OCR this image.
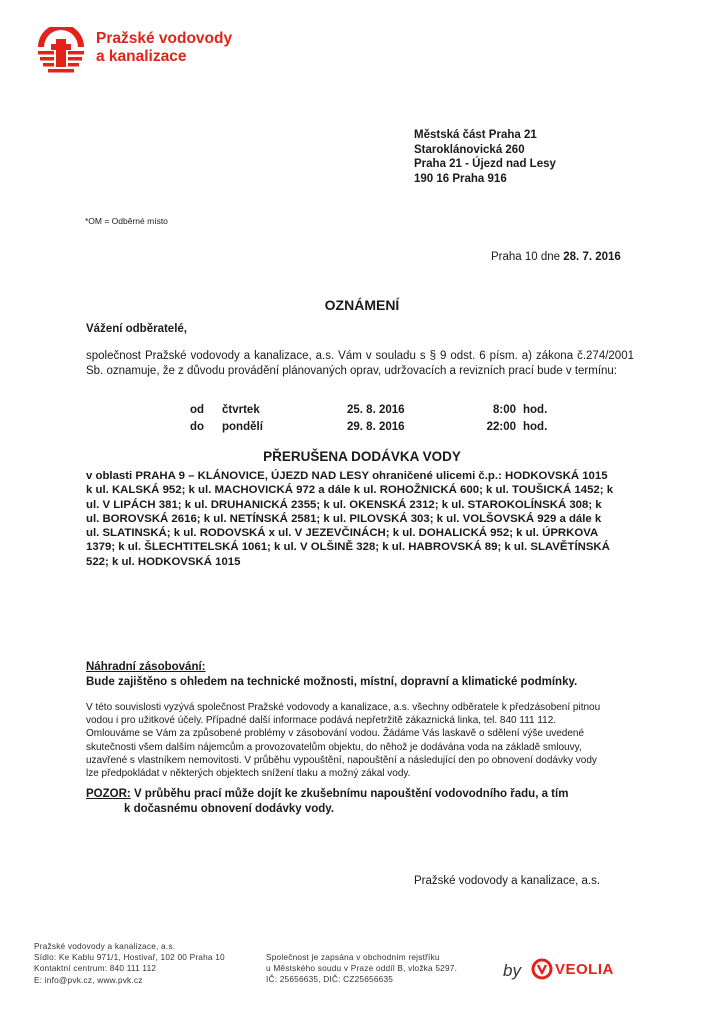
Pražské vodovody
a kanalizace
Městská část Praha 21
Staroklánovická 260
Praha 21 - Újezd nad Lesy
190 16 Praha 916
*OM = Odběrné místo
Praha 10 dne 28. 7. 2016
OZNÁMENÍ
Vážení odběratelé,
společnost Pražské vodovody a kanalizace, a.s. Vám v souladu s § 9 odst. 6 písm. a) zákona č.274/2001 Sb. oznamuje, že z důvodu provádění plánovaných oprav, udržovacích a revizních prací bude v termínu:
od čtvrtek	25. 8. 2016	8:00 hod.
do pondělí	29. 8. 2016	22:00 hod.
PŘERUŠENA DODÁVKA VODY
v oblasti PRAHA 9 – KLÁNOVICE, ÚJEZD NAD LESY ohraničené ulicemi č.p.: HODKOVSKÁ 1015
k ul. KALSKÁ 952; k ul. MACHOVICKÁ 972 a dále k ul. ROHOŽNICKÁ 600; k ul. TOUŠICKÁ 1452; k
ul. V LIPÁCH 381; k ul. DRUHANICKÁ 2355; k ul. OKENSKÁ 2312; k ul. STAROKOLÍNSKÁ 308; k
ul. BOROVSKÁ 2616; k ul. NETÍNSKÁ 2581; k ul. PILOVSKÁ 303; k ul. VOLŠOVSKÁ 929 a dále k
ul. SLATINSKÁ; k ul. RODOVSKÁ x ul. V JEZEVČINÁCH; k ul. DOHALICKÁ 952; k ul. ÚPRKOVA
1379; k ul. ŠLECHTITELSKÁ 1061; k ul. V OLŠINĚ 328; k ul. HABROVSKÁ 89; k ul. SLAVĚTÍNSKÁ
522; k ul. HODKOVSKÁ 1015
Náhradní zásobování:
Bude zajištěno s ohledem na technické možnosti, místní, dopravní a klimatické podmínky.
V této souvislosti vyzývá společnost Pražské vodovody a kanalizace, a.s. všechny odběratele k předzásobení pitnou
vodou i pro užitkové účely. Případné další informace podává nepřetržitě zákaznická linka, tel. 840 111 112.
Omlouváme se Vám za způsobené problémy v zásobování vodou. Žádáme Vás laskavě o sdělení výše uvedené
skutečnosti všem dalším nájemcům a provozovatelům objektu, do něhož je dodávána voda na základě smlouvy,
uzavřené s vlastníkem nemovitosti. V průběhu vypouštění, napouštění a následující den po obnovení dodávky vody
lze předpokládat v některých objektech snížení tlaku a možný zákal vody.
POZOR: V průběhu prací může dojít ke zkušebnímu napouštění vodovodního řadu, a tím
k dočasnému obnovení dodávky vody.
Pražské vodovody a kanalizace, a.s.
Pražské vodovody a kanalizace, a.s.
Sídlo: Ke Kablu 971/1, Hostivař, 102 00 Praha 10
Kontaktní centrum: 840 111 112
E: info@pvk.cz, www.pvk.cz
Společnost je zapsána v obchodním rejstříku
u Městského soudu v Praze oddíl B, vložka 5297.
IČ: 25656635, DIČ: CZ25656635	by VEOLIA
